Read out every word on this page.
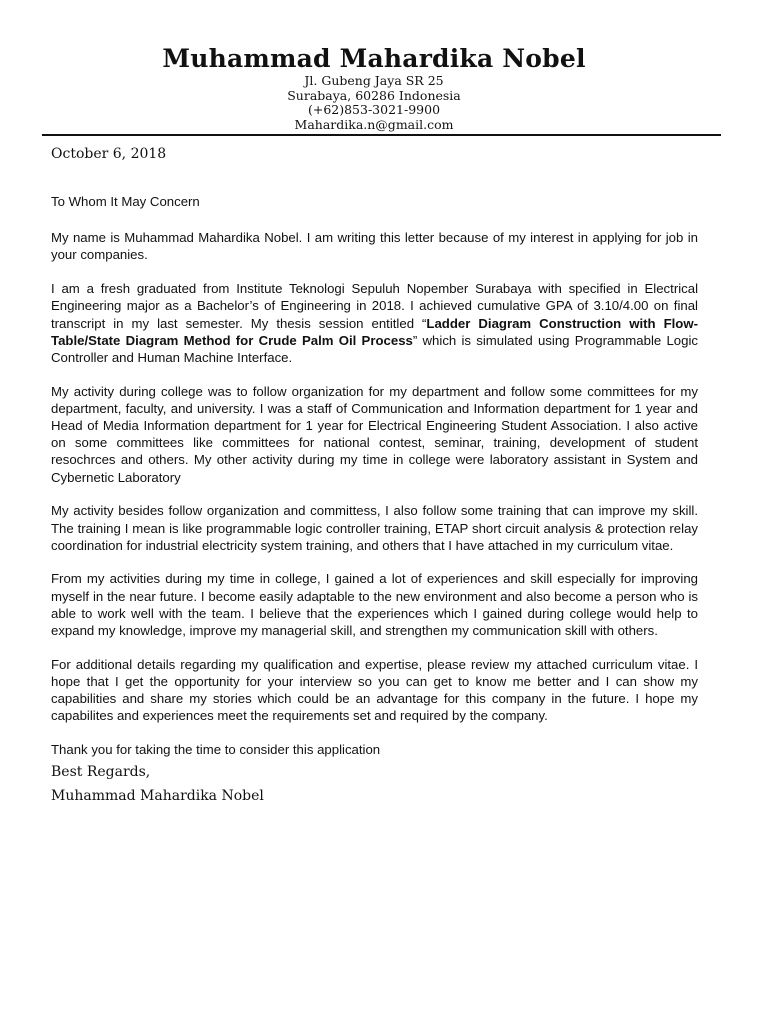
Muhammad Mahardika Nobel
Jl. Gubeng Jaya SR 25
Surabaya, 60286 Indonesia
(+62)853-3021-9900
Mahardika.n@gmail.com
October 6, 2018

To Whom It May Concern

My name is Muhammad Mahardika Nobel. I am writing this letter because of my interest in applying for job in your companies.

I am a fresh graduated from Institute Teknologi Sepuluh Nopember Surabaya with specified in Electrical Engineering major as a Bachelor’s of Engineering in 2018. I achieved cumulative GPA of 3.10/4.00 on final transcript in my last semester. My thesis session entitled “Ladder Diagram Construction with Flow-Table/State Diagram Method for Crude Palm Oil Process” which is simulated using Programmable Logic Controller and Human Machine Interface.

My activity during college was to follow organization for my department and follow some committees for my department, faculty, and university. I was a staff of Communication and Information department for 1 year and Head of Media Information department for 1 year for Electrical Engineering Student Association. I also active on some committees like committees for national contest, seminar, training, development of student resochrces and others. My other activity during my time in college were laboratory assistant in System and Cybernetic Laboratory

My activity besides follow organization and committess, I also follow some training that can improve my skill. The training I mean is like programmable logic controller training, ETAP short circuit analysis & protection relay coordination for industrial electricity system training, and others that I have attached in my curriculum vitae.

From my activities during my time in college, I gained a lot of experiences and skill especially for improving myself in the near future. I become easily adaptable to the new environment and also become a person who is able to work well with the team. I believe that the experiences which I gained during college would help to expand my knowledge, improve my managerial skill, and strengthen my communication skill with others.

For additional details regarding my qualification and expertise, please review my attached curriculum vitae. I hope that I get the opportunity for your interview so you can get to know me better and I can show my capabilities and share my stories which could be an advantage for this company in the future. I hope my capabilites and experiences meet the requirements set and required by the company.

Thank you for taking the time to consider this application

Best Regards,
Muhammad Mahardika Nobel
